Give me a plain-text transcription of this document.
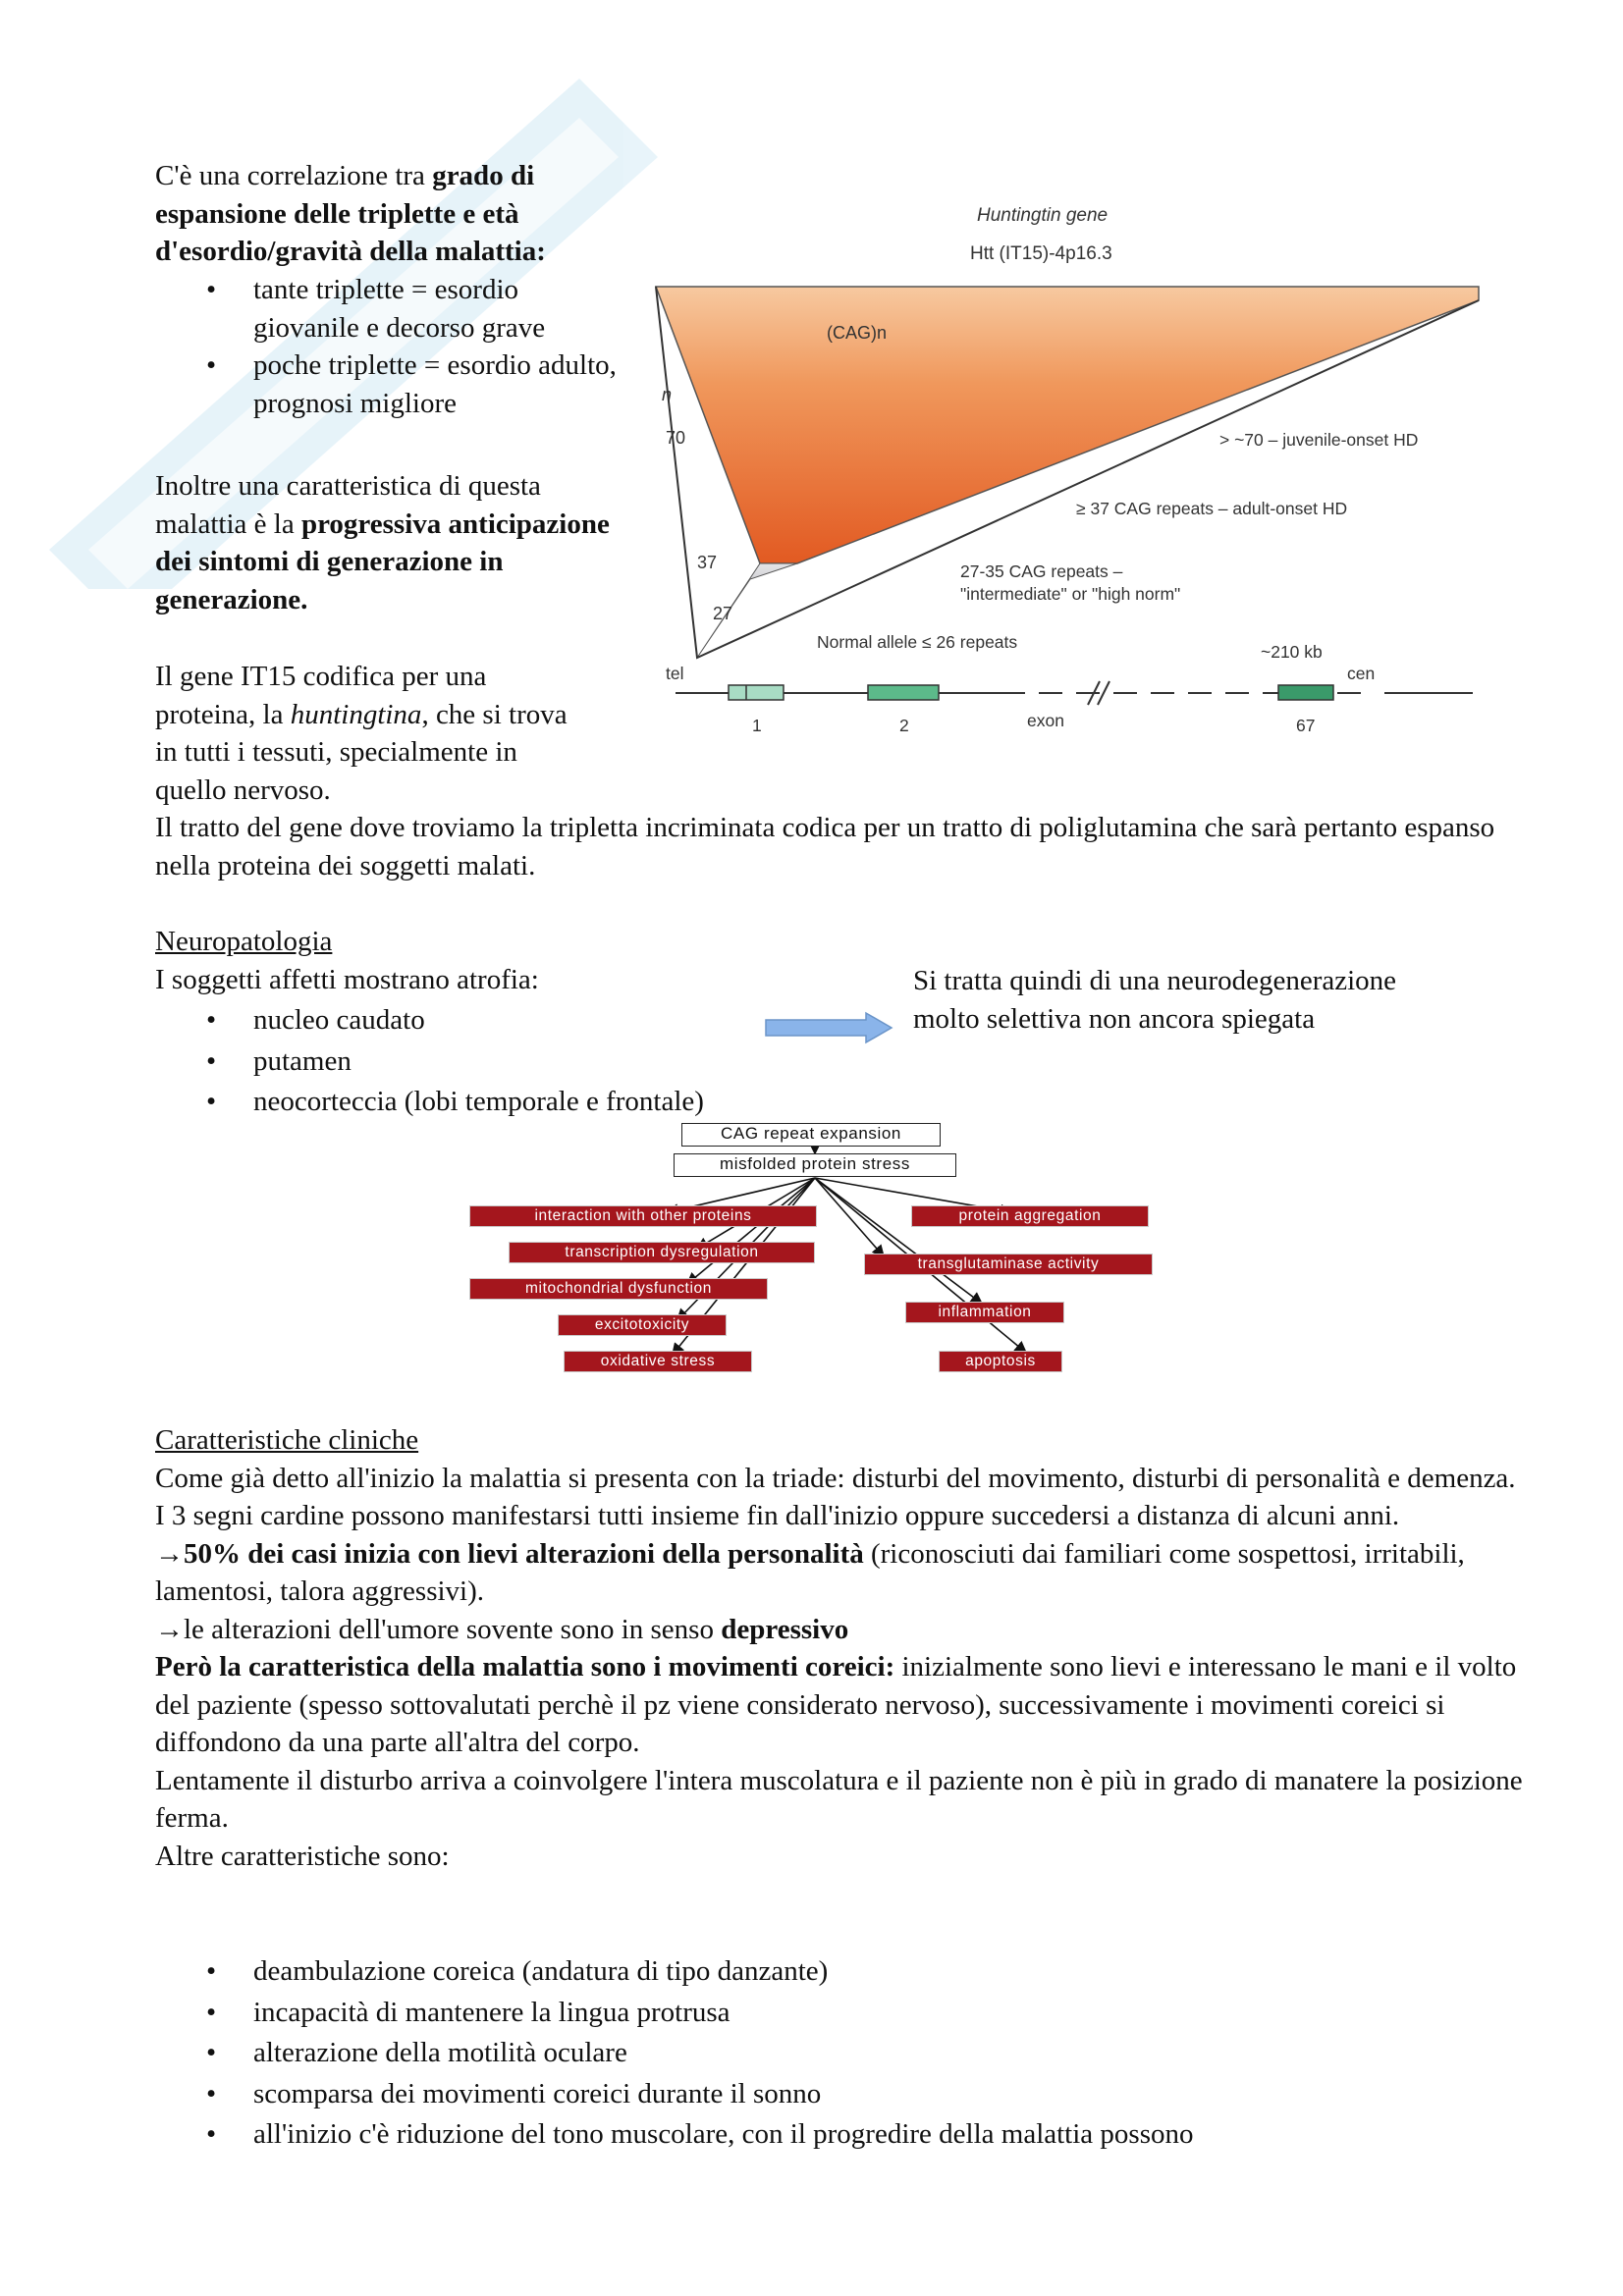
C'è una correlazione tra grado di espansione delle triplette e età d'esordio/gravità della malattia:

• tante triplette = esordio giovanile e decorso grave
• poche triplette = esordio adulto, prognosi migliore

Inoltre una caratteristica di questa malattia è la progressiva anticipazione dei sintomi di generazione in generazione.

Il gene IT15 codifica per una proteina, la huntingtina, che si trova in tutti i tessuti, specialmente in quello nervoso.

Il tratto del gene dove troviamo la tripletta incriminata codica per un tratto di poliglutamina che sarà pertanto espanso nella proteina dei soggetti malati.

Huntingtin gene
Htt (IT15)-4p16.3
(CAG)n
n
70
37
27
> ~70 – juvenile-onset HD
≥ 37 CAG repeats – adult-onset HD
27-35 CAG repeats –
"intermediate" or "high norm"
Normal allele ≤ 26 repeats
tel	cen
~210 kb
1	2	exon	67

Neuropatologia

I soggetti affetti mostrano atrofia:

• nucleo caudato
• putamen
• neocorteccia (lobi temporale e frontale)

Si tratta quindi di una neurodegenerazione molto selettiva non ancora spiegata

CAG repeat expansion
misfolded protein stress
interaction with other proteins
transcription dysregulation
mitochondrial dysfunction
excitotoxicity
oxidative stress
protein aggregation
transglutaminase activity
inflammation
apoptosis

Caratteristiche cliniche

Come già detto all'inizio la malattia si presenta con la triade: disturbi del movimento, disturbi di personalità e demenza.

I 3 segni cardine possono manifestarsi tutti insieme fin dall'inizio oppure succedersi a distanza di alcuni anni.

→50% dei casi inizia con lievi alterazioni della personalità (riconosciuti dai familiari come sospettosi, irritabili, lamentosi, talora aggressivi).

→le alterazioni dell'umore sovente sono in senso depressivo

Però la caratteristica della malattia sono i movimenti coreici: inizialmente sono lievi e interessano le mani e il volto del paziente (spesso sottovalutati perchè il pz viene considerato nervoso), successivamente i movimenti coreici si diffondono da una parte all'altra del corpo.

Lentamente il disturbo arriva a coinvolgere l'intera muscolatura e il paziente non è più in grado di manatere la posizione ferma.

Altre caratteristiche sono:

• deambulazione coreica (andatura di tipo danzante)
• incapacità di mantenere la lingua protrusa
• alterazione della motilità oculare
• scomparsa dei movimenti coreici durante il sonno
• all'inizio c'è riduzione del tono muscolare, con il progredire della malattia possono
